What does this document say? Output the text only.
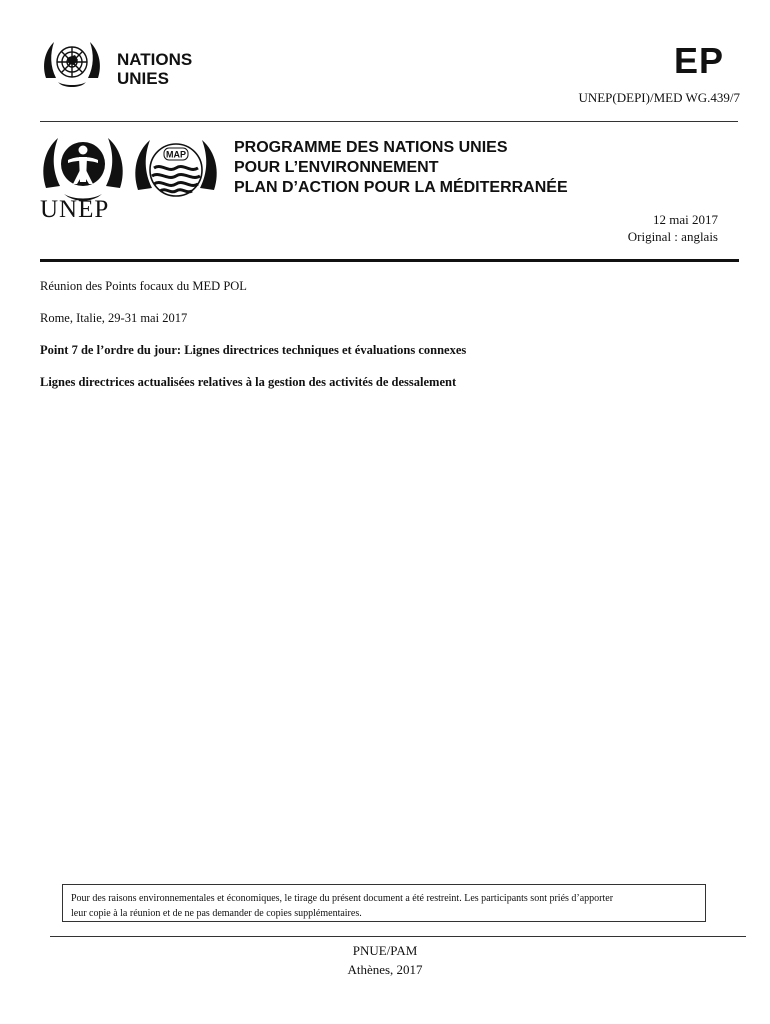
NATIONS
UNIES	EP
UNEP(DEPI)/MED WG.439/7
UNEP
MAP	PROGRAMME DES NATIONS UNIES
POUR L’ENVIRONNEMENT
PLAN D’ACTION POUR LA MÉDITERRANÉE
12 mai 2017
Original : anglais
Réunion des Points focaux du MED POL
Rome, Italie, 29-31 mai 2017
Point 7 de l’ordre du jour: Lignes directrices techniques et évaluations connexes
Lignes directrices actualisées relatives à la gestion des activités de dessalement
Pour des raisons environnementales et économiques, le tirage du présent document a été restreint. Les participants sont priés d’apporter
leur copie à la réunion et de ne pas demander de copies supplémentaires.
PNUE/PAM
Athènes, 2017
